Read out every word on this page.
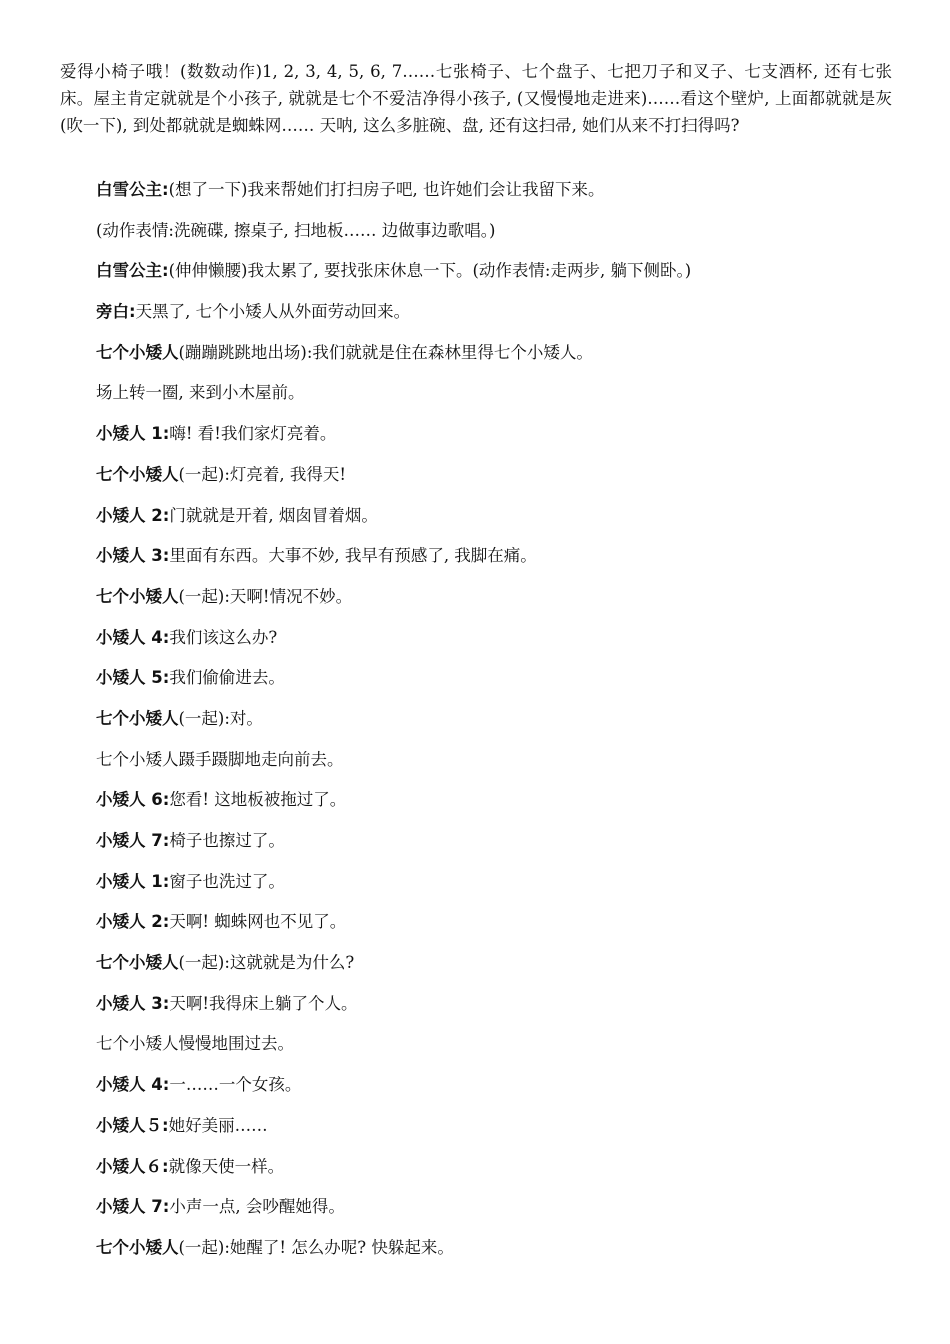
爱得小椅子哦！(数数动作)1, 2, 3, 4, 5, 6, 7……七张椅子、七个盘子、七把刀子和叉子、七支酒杯, 还有七张床。屋主肯定就就是个小孩子, 就就是七个不爱洁净得小孩子, (又慢慢地走进来)……看这个壁炉, 上面都就就是灰(吹一下), 到处都就就是蜘蛛网…… 天呐, 这么多脏碗、盘, 还有这扫帚, 她们从来不打扫得吗?

白雪公主:(想了一下)我来帮她们打扫房子吧, 也许她们会让我留下来。
(动作表情:洗碗碟, 擦桌子, 扫地板…… 边做事边歌唱。)
白雪公主:(伸伸懒腰)我太累了, 要找张床休息一下。(动作表情:走两步, 躺下侧卧。)
旁白:天黑了, 七个小矮人从外面劳动回来。
七个小矮人(蹦蹦跳跳地出场):我们就就是住在森林里得七个小矮人。
场上转一圈, 来到小木屋前。
小矮人 1:嗨! 看!我们家灯亮着。
七个小矮人(一起):灯亮着, 我得天!
小矮人 2:门就就是开着, 烟囱冒着烟。
小矮人 3:里面有东西。大事不妙, 我早有预感了, 我脚在痛。
七个小矮人(一起):天啊!情况不妙。
小矮人 4:我们该这么办?
小矮人 5:我们偷偷进去。
七个小矮人(一起):对。
七个小矮人蹑手蹑脚地走向前去。
小矮人 6:您看! 这地板被拖过了。
小矮人 7:椅子也擦过了。
小矮人 1:窗子也洗过了。
小矮人 2:天啊! 蜘蛛网也不见了。
七个小矮人(一起):这就就是为什么?
小矮人 3:天啊!我得床上躺了个人。
七个小矮人慢慢地围过去。
小矮人 4:一……一个女孩。
小矮人５:她好美丽……
小矮人６:就像天使一样。
小矮人 7:小声一点, 会吵醒她得。
七个小矮人(一起):她醒了! 怎么办呢? 快躲起来。
